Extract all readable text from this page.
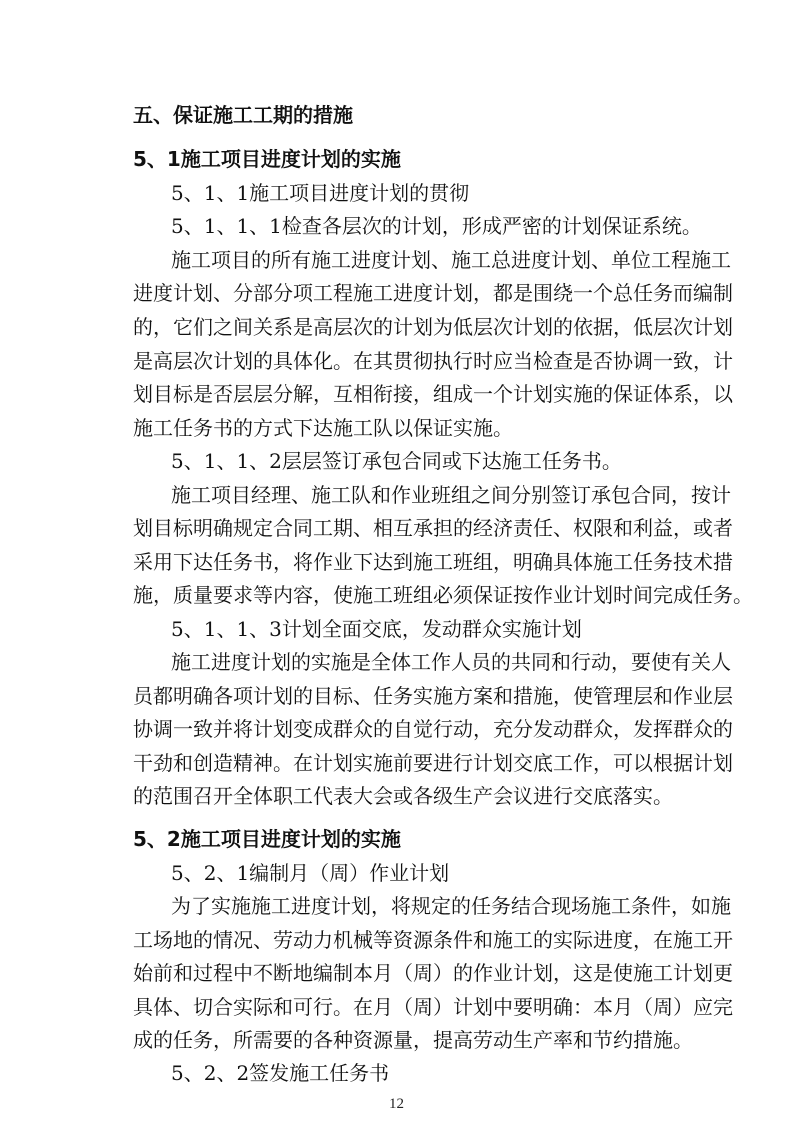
五、保证施工工期的措施
5、1施工项目进度计划的实施
5、1、1施工项目进度计划的贯彻
5、1、1、1检查各层次的计划，形成严密的计划保证系统。
施工项目的所有施工进度计划、施工总进度计划、单位工程施工
进度计划、分部分项工程施工进度计划，都是围绕一个总任务而编制
的，它们之间关系是高层次的计划为低层次计划的依据，低层次计划
是高层次计划的具体化。在其贯彻执行时应当检查是否协调一致，计
划目标是否层层分解，互相衔接，组成一个计划实施的保证体系，以
施工任务书的方式下达施工队以保证实施。
5、1、1、2层层签订承包合同或下达施工任务书。
施工项目经理、施工队和作业班组之间分别签订承包合同，按计
划目标明确规定合同工期、相互承担的经济责任、权限和利益，或者
采用下达任务书，将作业下达到施工班组，明确具体施工任务技术措
施，质量要求等内容，使施工班组必须保证按作业计划时间完成任务。
5、1、1、3计划全面交底，发动群众实施计划
施工进度计划的实施是全体工作人员的共同和行动，要使有关人
员都明确各项计划的目标、任务实施方案和措施，使管理层和作业层
协调一致并将计划变成群众的自觉行动，充分发动群众，发挥群众的
干劲和创造精神。在计划实施前要进行计划交底工作，可以根据计划
的范围召开全体职工代表大会或各级生产会议进行交底落实。
5、2施工项目进度计划的实施
5、2、1编制月（周）作业计划
为了实施施工进度计划，将规定的任务结合现场施工条件，如施
工场地的情况、劳动力机械等资源条件和施工的实际进度，在施工开
始前和过程中不断地编制本月（周）的作业计划，这是使施工计划更
具体、切合实际和可行。在月（周）计划中要明确：本月（周）应完
成的任务，所需要的各种资源量，提高劳动生产率和节约措施。
5、2、2签发施工任务书
12
